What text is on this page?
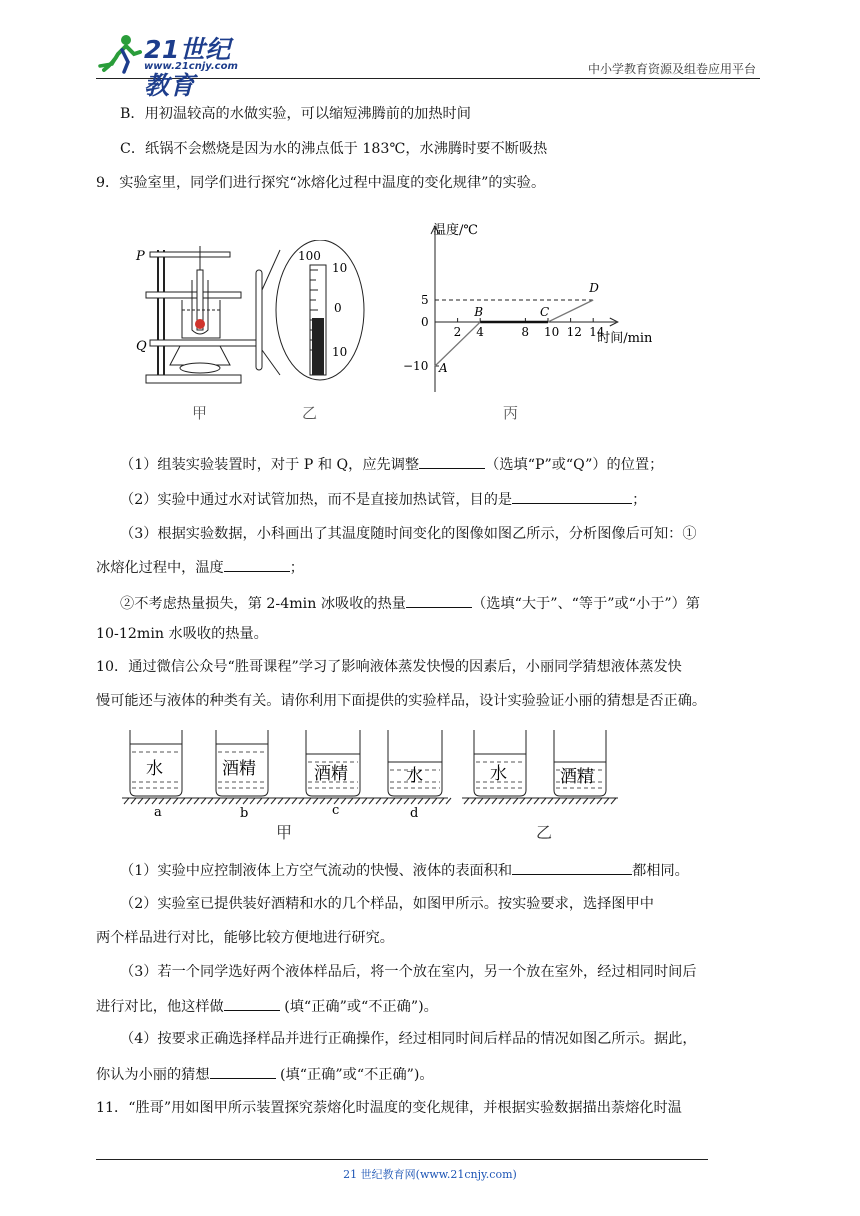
21世纪教育
www.21cnjy.com	中小学教育资源及组卷应用平台
B．用初温较高的水做实验，可以缩短沸腾前的加热时间
C．纸锅不会燃烧是因为水的沸点低于 183℃，水沸腾时要不断吸热
9．实验室里，同学们进行探究“冰熔化过程中温度的变化规律”的实验。
P
Q
100
10
0
10
甲	乙
温度/℃
时间/min
0
2 4	8 10 12 14
5
−10 A
B	C
D
丙
（1）组装实验装置时，对于 P 和 Q，应先调整	（选填“P”或“Q”）的位置；
（2）实验中通过水对试管加热，而不是直接加热试管，目的是	；
（3）根据实验数据，小科画出了其温度随时间变化的图像如图乙所示，分析图像后可知：①
冰熔化过程中，温度	；
②不考虑热量损失，第 2-4min 冰吸收的热量	（选填“大于”、“等于”或“小于”）第
10-12min 水吸收的热量。
10．通过微信公众号“胜哥课程”学习了影响液体蒸发快慢的因素后，小丽同学猜想液体蒸发快
慢可能还与液体的种类有关。请你利用下面提供的实验样品，设计实验验证小丽的猜想是否正确。
水	酒精	酒精	水	水	酒精
a	b	c	d
甲	乙
（1）实验中应控制液体上方空气流动的快慢、液体的表面积和	都相同。
（2）实验室已提供装好酒精和水的几个样品，如图甲所示。按实验要求，选择图甲中
两个样品进行对比，能够比较方便地进行研究。
（3）若一个同学选好两个液体样品后，将一个放在室内，另一个放在室外，经过相同时间后
进行对比，他这样做	(填“正确”或“不正确”)。
（4）按要求正确选择样品并进行正确操作，经过相同时间后样品的情况如图乙所示。据此，
你认为小丽的猜想	(填“正确”或“不正确”)。
11．“胜哥”用如图甲所示装置探究萘熔化时温度的变化规律，并根据实验数据描出萘熔化时温
21 世纪教育网(www.21cnjy.com)
